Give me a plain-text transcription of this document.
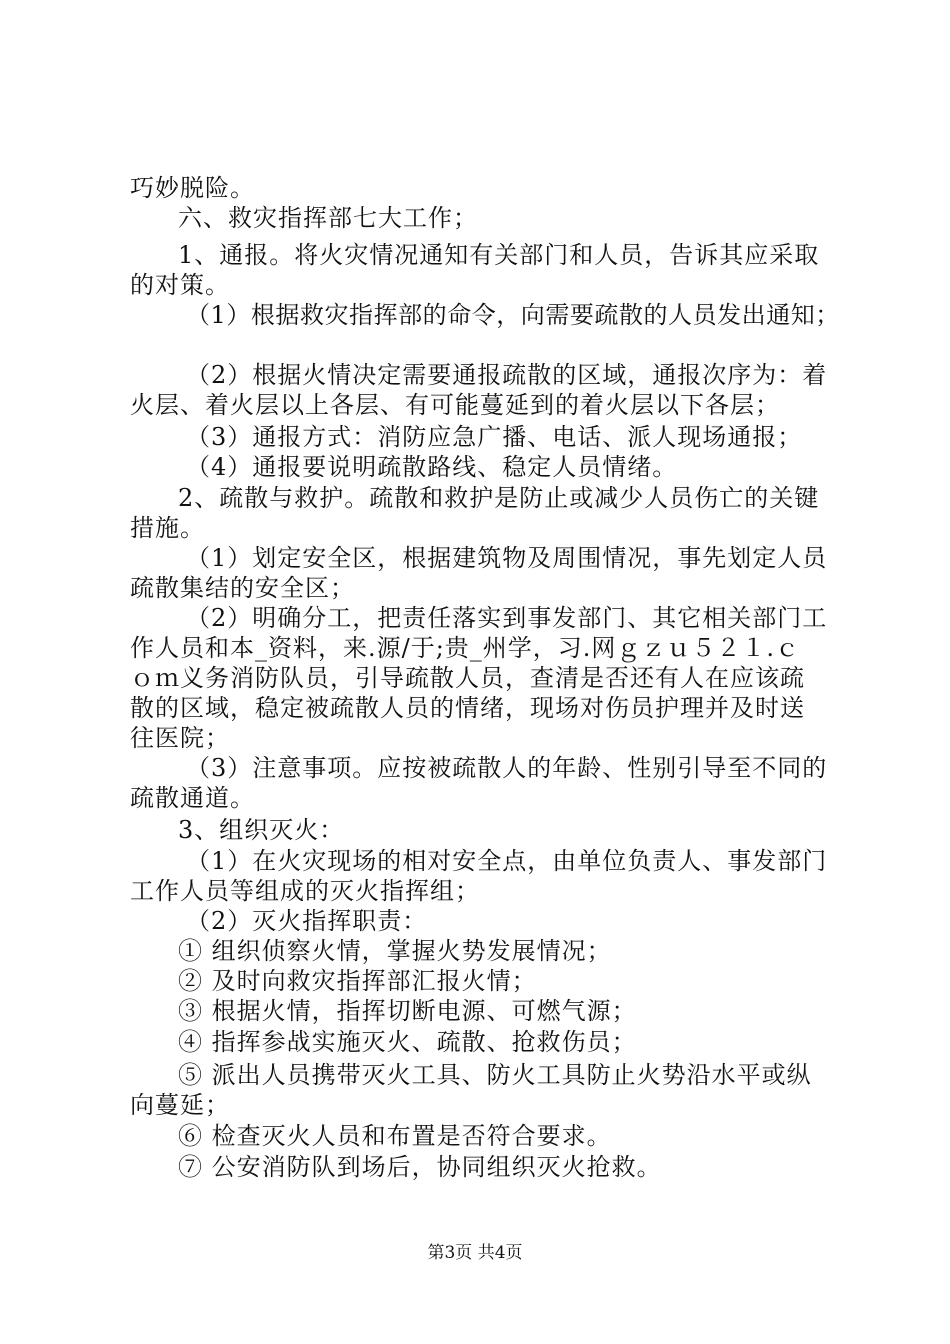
巧妙脱险。
六、救灾指挥部七大工作；
1、通报。将火灾情况通知有关部门和人员，告诉其应采取
的对策。
（1）根据救灾指挥部的命令，向需要疏散的人员发出通知；
（2）根据火情决定需要通报疏散的区域，通报次序为：着
火层、着火层以上各层、有可能蔓延到的着火层以下各层；
（3）通报方式：消防应急广播、电话、派人现场通报；
（4）通报要说明疏散路线、稳定人员情绪。
2、疏散与救护。疏散和救护是防止或减少人员伤亡的关键
措施。
（1）划定安全区，根据建筑物及周围情况，事先划定人员
疏散集结的安全区；
（2）明确分工，把责任落实到事发部门、其它相关部门工
作人员和本_资料，来.源/于;贵_州学，习.网ｇｚｕ５２１.ｃ
ｏｍ义务消防队员，引导疏散人员，查清是否还有人在应该疏
散的区域，稳定被疏散人员的情绪，现场对伤员护理并及时送
往医院；
（3）注意事项。应按被疏散人的年龄、性别引导至不同的
疏散通道。
3、组织灭火：
（1）在火灾现场的相对安全点，由单位负责人、事发部门
工作人员等组成的灭火指挥组；
（2）灭火指挥职责：
① 组织侦察火情，掌握火势发展情况；
② 及时向救灾指挥部汇报火情；
③ 根据火情，指挥切断电源、可燃气源；
④ 指挥参战实施灭火、疏散、抢救伤员；
⑤ 派出人员携带灭火工具、防火工具防止火势沿水平或纵
向蔓延；
⑥ 检查灭火人员和布置是否符合要求。
⑦ 公安消防队到场后，协同组织灭火抢救。
第3页 共4页
